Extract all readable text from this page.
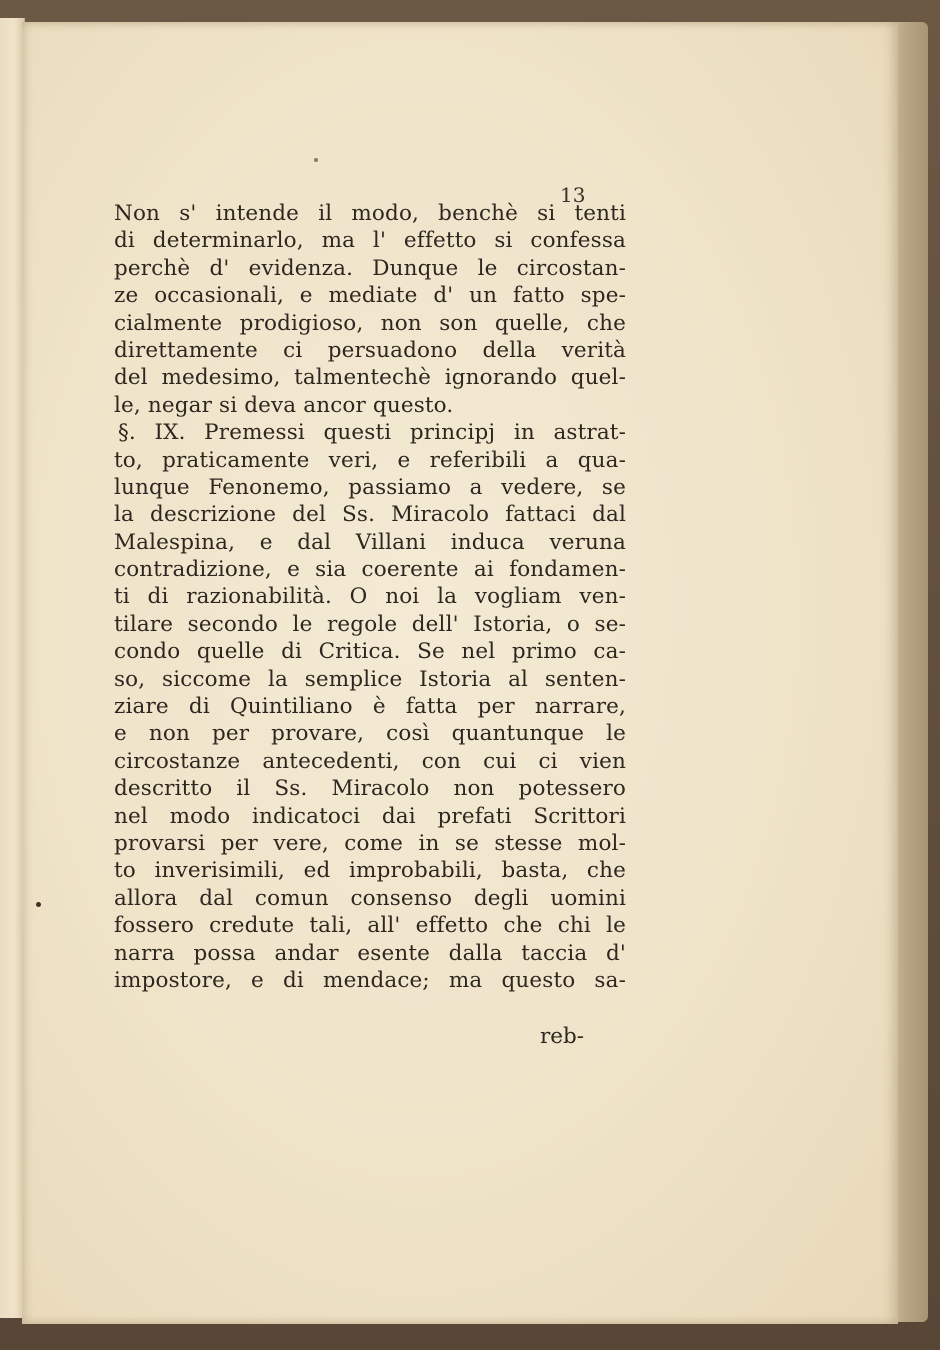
13
Non s' intende il modo, benchè si tenti
di determinarlo, ma l' effetto si confessa
perchè d' evidenza. Dunque le circostan-
ze occasionali, e mediate d' un fatto spe-
cialmente prodigioso, non son quelle, che
direttamente ci persuadono della verità
del medesimo, talmentechè ignorando quel-
le, negar si deva ancor questo.
§. IX. Premessi questi principj in astrat-
to, praticamente veri, e referibili a qua-
lunque Fenonemo, passiamo a vedere, se
la descrizione del Ss. Miracolo fattaci dal
Malespina, e dal Villani induca veruna
contradizione, e sia coerente ai fondamen-
ti di razionabilità. O noi la vogliam ven-
tilare secondo le regole dell' Istoria, o se-
condo quelle di Critica. Se nel primo ca-
so, siccome la semplice Istoria al senten-
ziare di Quintiliano è fatta per narrare,
e non per provare, così quantunque le
circostanze antecedenti, con cui ci vien
descritto il Ss. Miracolo non potessero
nel modo indicatoci dai prefati Scrittori
provarsi per vere, come in se stesse mol-
to inverisimili, ed improbabili, basta, che
allora dal comun consenso degli uomini
fossero credute tali, all' effetto che chi le
narra possa andar esente dalla taccia d'
impostore, e di mendace; ma questo sa-
reb-
